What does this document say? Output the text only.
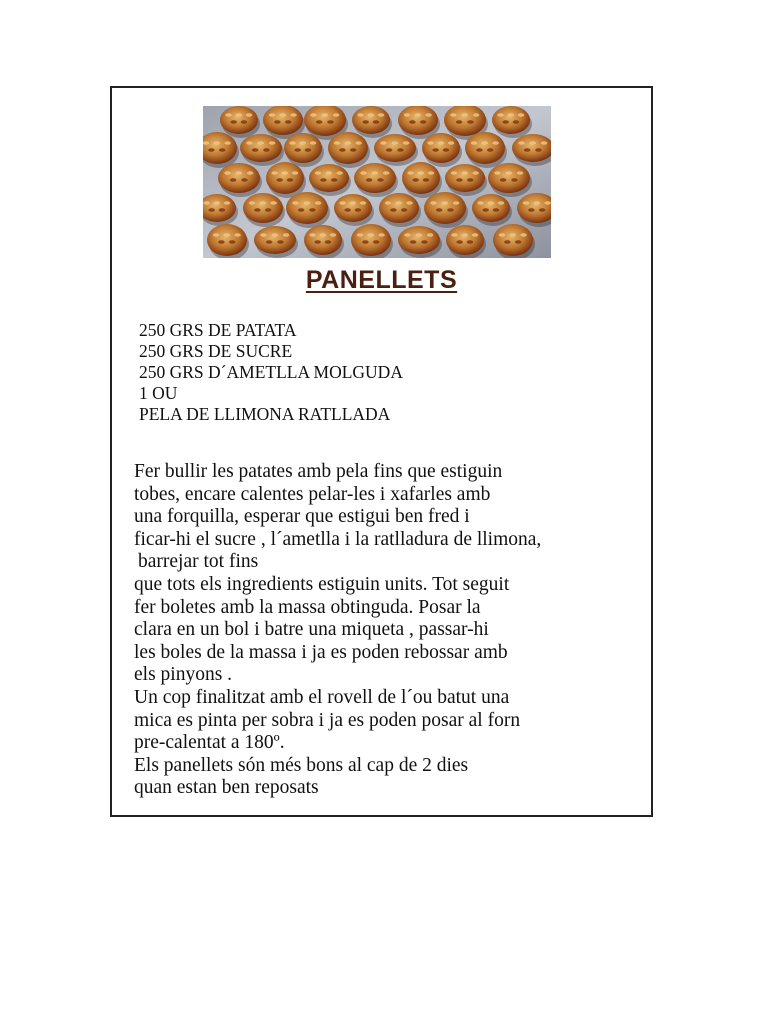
PANELLETS
250 GRS DE PATATA
250 GRS DE SUCRE
250 GRS D´AMETLLA MOLGUDA
1 OU
PELA DE LLIMONA RATLLADA
Fer bullir les patates amb pela fins que estiguin
tobes, encare calentes pelar-les i xafarles amb
una forquilla, esperar que estigui ben fred i
ficar-hi el sucre , l´ametlla i la ratlladura de llimona,
barrejar tot fins
que tots els ingredients estiguin units. Tot seguit
fer boletes amb la massa obtinguda. Posar la
clara en un bol i batre una miqueta , passar-hi
les boles de la massa i ja es poden rebossar amb
els pinyons .
Un cop finalitzat amb el rovell de l´ou batut una
mica es pinta per sobra i ja es poden posar al forn
pre-calentat a 180º.
Els panellets són més bons al cap de 2 dies
quan estan ben reposats
